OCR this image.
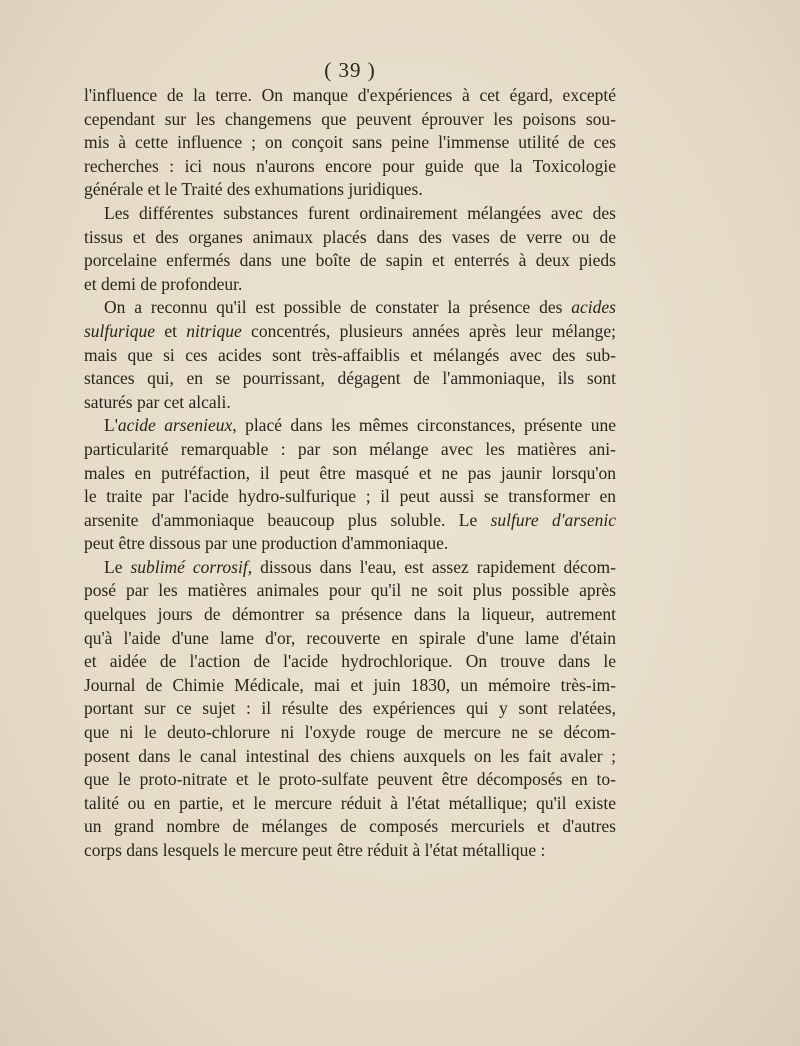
( 39 )

l'influence de la terre. On manque d'expériences à cet égard, excepté

cependant sur les changemens que peuvent éprouver les poisons sou-

mis à cette influence ; on conçoit sans peine l'immense utilité de ces

recherches : ici nous n'aurons encore pour guide que la Toxicologie

générale et le Traité des exhumations juridiques.

Les différentes substances furent ordinairement mélangées avec des

tissus et des organes animaux placés dans des vases de verre ou de

porcelaine enfermés dans une boîte de sapin et enterrés à deux pieds

et demi de profondeur.

On a reconnu qu'il est possible de constater la présence des acides

sulfurique et nitrique concentrés, plusieurs années après leur mélange;

mais que si ces acides sont très-affaiblis et mélangés avec des sub-

stances qui, en se pourrissant, dégagent de l'ammoniaque, ils sont

saturés par cet alcali.

L'acide arsenieux, placé dans les mêmes circonstances, présente une

particularité remarquable : par son mélange avec les matières ani-

males en putréfaction, il peut être masqué et ne pas jaunir lorsqu'on

le traite par l'acide hydro-sulfurique ; il peut aussi se transformer en

arsenite d'ammoniaque beaucoup plus soluble. Le sulfure d'arsenic

peut être dissous par une production d'ammoniaque.

Le sublimé corrosif, dissous dans l'eau, est assez rapidement décom-

posé par les matières animales pour qu'il ne soit plus possible après

quelques jours de démontrer sa présence dans la liqueur, autrement

qu'à l'aide d'une lame d'or, recouverte en spirale d'une lame d'étain

et aidée de l'action de l'acide hydrochlorique. On trouve dans le

Journal de Chimie Médicale, mai et juin 1830, un mémoire très-im-

portant sur ce sujet : il résulte des expériences qui y sont relatées,

que ni le deuto-chlorure ni l'oxyde rouge de mercure ne se décom-

posent dans le canal intestinal des chiens auxquels on les fait avaler ;

que le proto-nitrate et le proto-sulfate peuvent être décomposés en to-

talité ou en partie, et le mercure réduit à l'état métallique; qu'il existe

un grand nombre de mélanges de composés mercuriels et d'autres

corps dans lesquels le mercure peut être réduit à l'état métallique :
